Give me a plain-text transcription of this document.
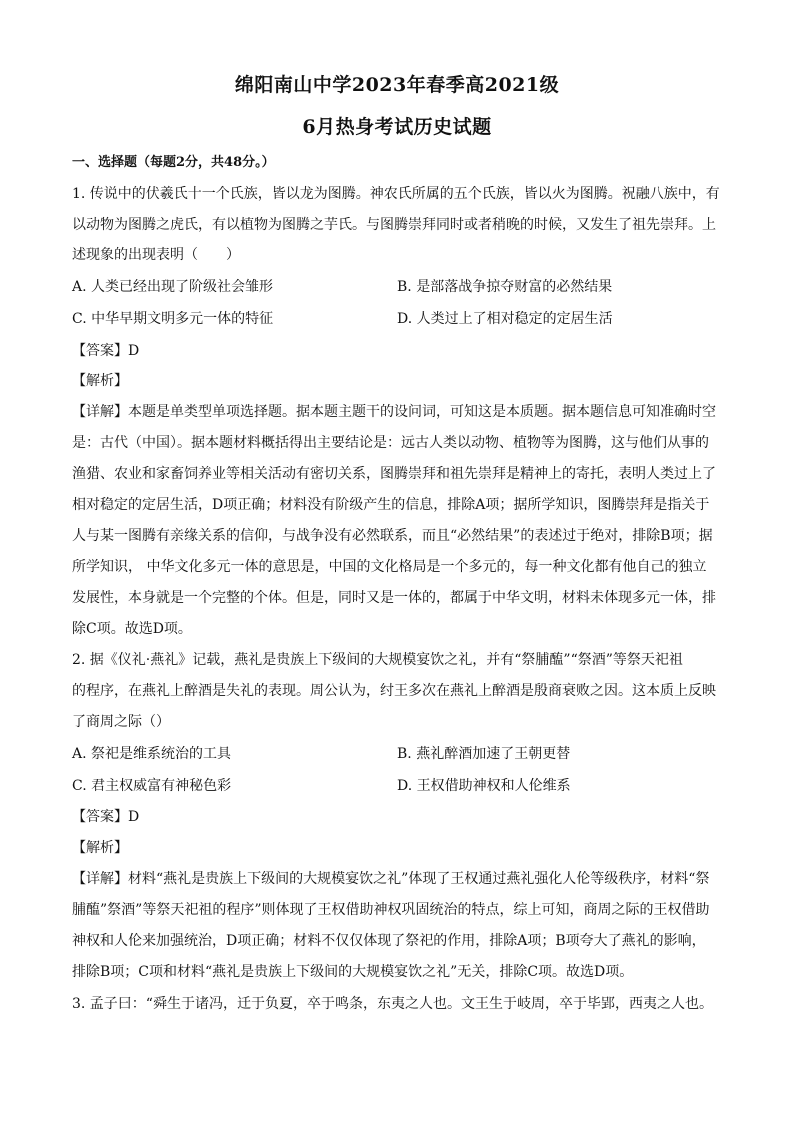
绵阳南山中学2023年春季高2021级
6月热身考试历史试题
一、选择题（每题2分，共48分。）
1. 传说中的伏羲氏十一个氏族，皆以龙为图腾。神农氏所属的五个氏族，皆以火为图腾。祝融八族中，有
以动物为图腾之虎氏，有以植物为图腾之芋氏。与图腾崇拜同时或者稍晚的时候，又发生了祖先崇拜。上
述现象的出现表明（　　）
A. 人类已经出现了阶级社会雏形	B. 是部落战争掠夺财富的必然结果
C. 中华早期文明多元一体的特征	D. 人类过上了相对稳定的定居生活
【答案】D
【解析】
【详解】本题是单类型单项选择题。据本题主题干的设问词，可知这是本质题。据本题信息可知准确时空
是：古代（中国）。据本题材料概括得出主要结论是：远古人类以动物、植物等为图腾，这与他们从事的
渔猎、农业和家畜饲养业等相关活动有密切关系，图腾崇拜和祖先崇拜是精神上的寄托，表明人类过上了
相对稳定的定居生活，D项正确；材料没有阶级产生的信息，排除A项；据所学知识，图腾崇拜是指关于
人与某一图腾有亲缘关系的信仰，与战争没有必然联系，而且“必然结果”的表述过于绝对，排除B项；据
所学知识， 中华文化多元一体的意思是，中国的文化格局是一个多元的，每一种文化都有他自己的独立
发展性，本身就是一个完整的个体。但是，同时又是一体的，都属于中华文明，材料未体现多元一体，排
除C项。故选D项。
2. 据《仪礼·燕礼》记载，燕礼是贵族上下级间的大规模宴饮之礼，并有“祭脯醢”“祭酒”等祭天祀祖
的程序，在燕礼上醉酒是失礼的表现。周公认为，纣王多次在燕礼上醉酒是殷商衰败之因。这本质上反映
了商周之际（）
A. 祭祀是维系统治的工具	B. 燕礼醉酒加速了王朝更替
C. 君主权威富有神秘色彩	D. 王权借助神权和人伦维系
【答案】D
【解析】
【详解】材料“燕礼是贵族上下级间的大规模宴饮之礼”体现了王权通过燕礼强化人伦等级秩序，材料“祭
脯醢”祭酒”等祭天祀祖的程序”则体现了王权借助神权巩固统治的特点，综上可知，商周之际的王权借助
神权和人伦来加强统治，D项正确；材料不仅仅体现了祭祀的作用，排除A项；B项夸大了燕礼的影响，
排除B项；C项和材料“燕礼是贵族上下级间的大规模宴饮之礼”无关，排除C项。故选D项。
3. 孟子曰：“舜生于诸冯，迁于负夏，卒于鸣条，东夷之人也。文王生于岐周，卒于毕郢，西夷之人也。
